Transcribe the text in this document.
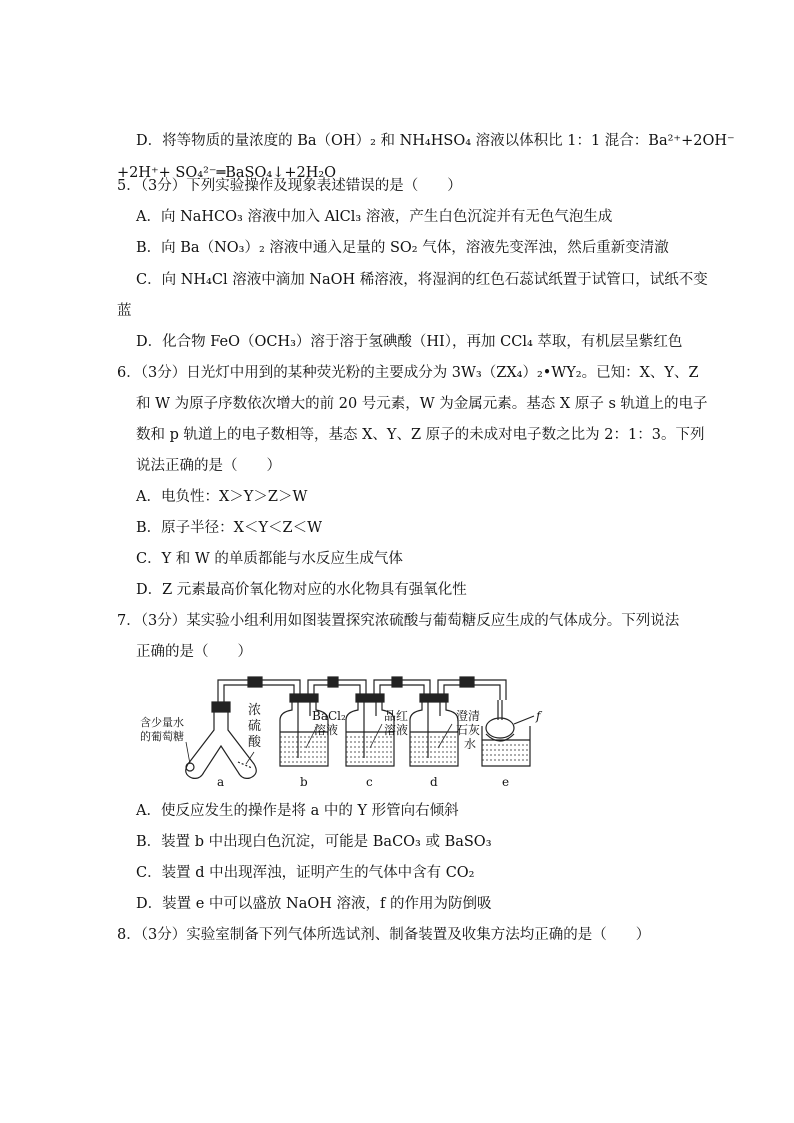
D．将等物质的量浓度的 Ba（OH）₂ 和 NH₄HSO₄ 溶液以体积比 1：1 混合：Ba²⁺+2OH⁻
+2H⁺+ SO₄²⁻═BaSO₄↓+2H₂O
5．（3分）下列实验操作及现象表述错误的是（　　）
A．向 NaHCO₃ 溶液中加入 AlCl₃ 溶液，产生白色沉淀并有无色气泡生成
B．向 Ba（NO₃）₂ 溶液中通入足量的 SO₂ 气体，溶液先变浑浊，然后重新变清澈
C．向 NH₄Cl 溶液中滴加 NaOH 稀溶液，将湿润的红色石蕊试纸置于试管口，试纸不变
蓝
D．化合物 FeO（OCH₃）溶于溶于氢碘酸（HI），再加 CCl₄ 萃取，有机层呈紫红色
6．（3分）日光灯中用到的某种荧光粉的主要成分为 3W₃（ZX₄）₂•WY₂。已知：X、Y、Z
和 W 为原子序数依次增大的前 20 号元素，W 为金属元素。基态 X 原子 s 轨道上的电子
数和 p 轨道上的电子数相等，基态 X、Y、Z 原子的未成对电子数之比为 2：1：3。下列
说法正确的是（　　）
A．电负性：X＞Y＞Z＞W
B．原子半径：X＜Y＜Z＜W
C．Y 和 W 的单质都能与水反应生成气体
D．Z 元素最高价氧化物对应的水化物具有强氧化性
7．（3分）某实验小组利用如图装置探究浓硫酸与葡萄糖反应生成的气体成分。下列说法
正确的是（　　）
含少量水
的葡萄糖
浓
硫
酸
BaCl₂
溶液
品红
溶液
澄清
石灰
水
f
a	b	c	d	e
A．使反应发生的操作是将 a 中的 Y 形管向右倾斜
B．装置 b 中出现白色沉淀，可能是 BaCO₃ 或 BaSO₃
C．装置 d 中出现浑浊，证明产生的气体中含有 CO₂
D．装置 e 中可以盛放 NaOH 溶液，f 的作用为防倒吸
8．（3分）实验室制备下列气体所选试剂、制备装置及收集方法均正确的是（　　）
